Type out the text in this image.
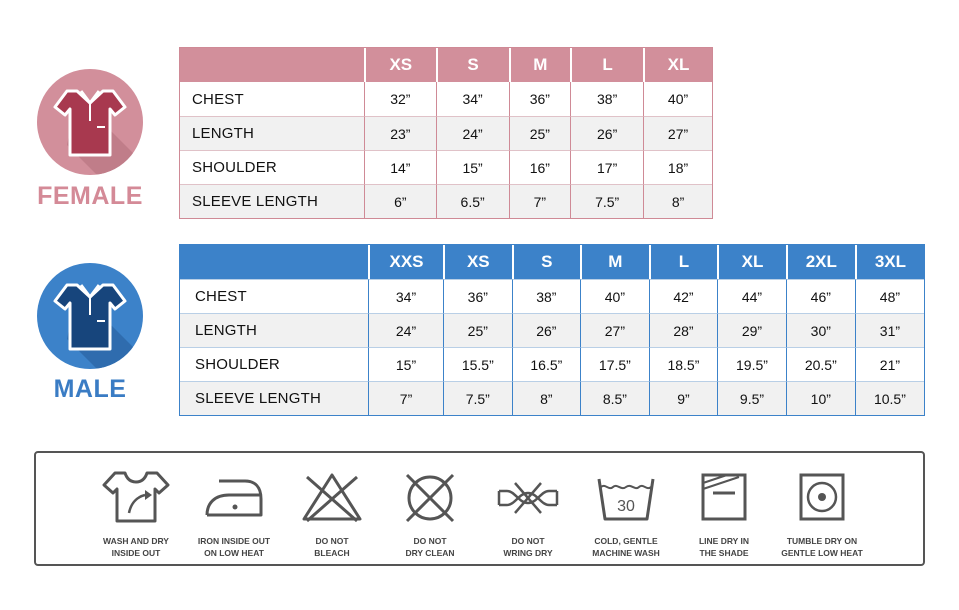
FEMALE
	XS	S	M	L	XL
CHEST	32”	34”	36”	38”	40”
LENGTH	23”	24”	25”	26”	27”
SHOULDER	14”	15”	16”	17”	18”
SLEEVE LENGTH	6”	6.5”	7”	7.5”	8”
MALE
	XXS	XS	S	M	L	XL	2XL	3XL
CHEST	34”	36”	38”	40”	42”	44”	46”	48”
LENGTH	24”	25”	26”	27”	28”	29”	30”	31”
SHOULDER	15”	15.5”	16.5”	17.5”	18.5”	19.5”	20.5”	21”
SLEEVE LENGTH	7”	7.5”	8”	8.5”	9”	9.5”	10”	10.5”
WASH AND DRY
INSIDE OUT
IRON INSIDE OUT
ON LOW HEAT
DO NOT
BLEACH
DO NOT
DRY CLEAN
DO NOT
WRING DRY
30
COLD, GENTLE
MACHINE WASH
LINE DRY IN
THE SHADE
TUMBLE DRY ON
GENTLE LOW HEAT
